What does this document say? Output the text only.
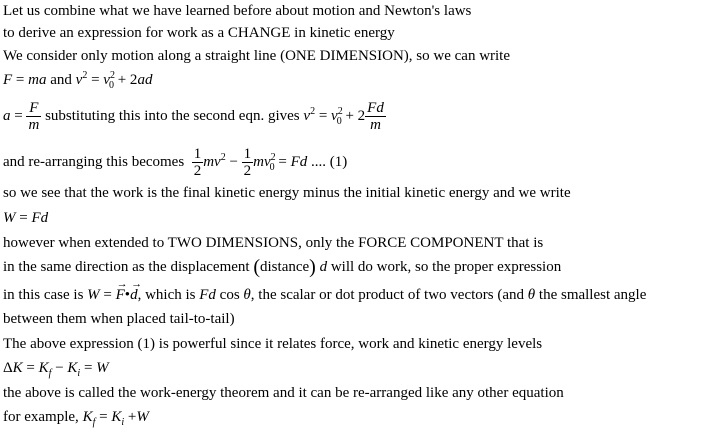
Let us combine what we have learned before about motion and Newton's laws
to derive an expression for work as a CHANGE in kinetic energy
We consider only motion along a straight line (ONE DIMENSION), so we can write
F = ma and $v^2 = v^2_0 + 2ad$
$a = \frac{F}{m}$ substituting this into the second eqn. gives $v^2 = v^2_0 + 2 \frac{Fd}{m}$
and re-arranging this becomes $\frac{1}{2} mv^2 - \frac{1}{2} mv^2_0 = Fd$ .... (1)
so we see that the work is the final kinetic energy minus the initial kinetic energy and we write
W = Fd
however when extended to TWO DIMENSIONS, only the FORCE COMPONENT that is
in the same direction as the displacement (distance) d will do work, so the proper expression
in this case is W = → F•→ d, which is Fd cos θ, the scalar or dot product of two vectors (and θ the smallest angle
between them when placed tail-to-tail)
The above expression (1) is powerful since it relates force, work and kinetic energy levels
$\Delta K = K_f - K_i = W$
the above is called the work-energy theorem and it can be re-arranged like any other equation
for example, $K_f = K_i +W$
